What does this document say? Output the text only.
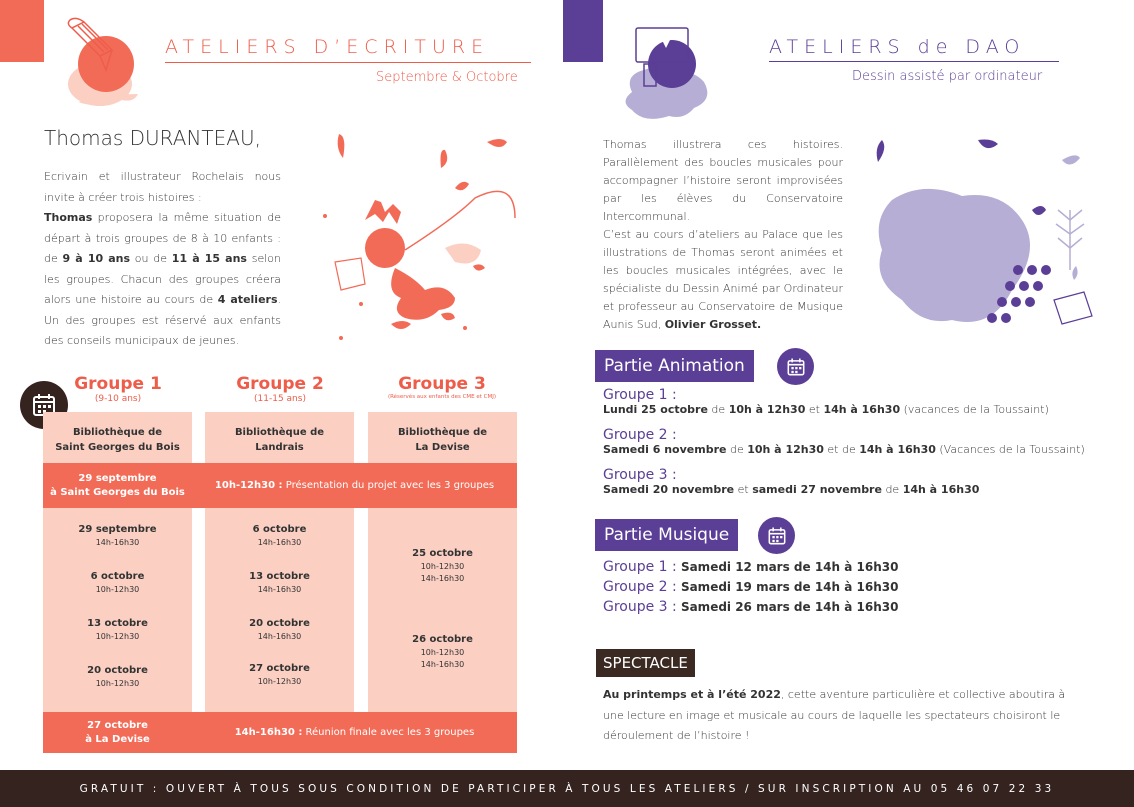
ATELIERS D’ECRITURE
Septembre & Octobre
ATELIERS de DAO
Dessin assisté par ordinateur
Thomas DURANTEAU,
Ecrivain et illustrateur Rochelais nous invite à créer trois histoires :
Thomas proposera la même situation de départ à trois groupes de 8 à 10 enfants : de 9 à 10 ans ou de 11 à 15 ans selon les groupes. Chacun des groupes créera alors une histoire au cours de 4 ateliers. Un des groupes est réservé aux enfants des conseils municipaux de jeunes.
Thomas illustrera ces histoires. Parallèlement des boucles musicales pour accompagner l’histoire seront improvisées par les élèves du Conservatoire Intercommunal.
C’est au cours d’ateliers au Palace que les illustrations de Thomas seront animées et les boucles musicales intégrées, avec le spécialiste du Dessin Animé par Ordinateur et professeur au Conservatoire de Musique Aunis Sud, Olivier Grosset.
Groupe 1
(9-10 ans)
Groupe 2
(11-15 ans)
Groupe 3
(Réservés aux enfants des CME et CMJ)
Bibliothèque de
Saint Georges du Bois
Bibliothèque de
Landrais
Bibliothèque de
La Devise
29 septembre
à Saint Georges du Bois
10h-12h30 : Présentation du projet avec les 3 groupes
29 septembre
14h-16h30
6 octobre
10h-12h30
13 octobre
10h-12h30
20 octobre
10h-12h30
6 octobre
14h-16h30
13 octobre
14h-16h30
20 octobre
14h-16h30
27 octobre
10h-12h30
25 octobre
10h-12h30
14h-16h30
26 octobre
10h-12h30
14h-16h30
27 octobre
à La Devise
14h-16h30 : Réunion finale avec les 3 groupes
Partie Animation
Groupe 1 :
Lundi 25 octobre de 10h à 12h30 et 14h à 16h30 (vacances de la Toussaint)
Groupe 2 :
Samedi 6 novembre de 10h à 12h30 et de 14h à 16h30 (Vacances de la Toussaint)
Groupe 3 :
Samedi 20 novembre et samedi 27 novembre de 14h à 16h30
Partie Musique
Groupe 1 : Samedi 12 mars de 14h à 16h30
Groupe 2 : Samedi 19 mars de 14h à 16h30
Groupe 3 : Samedi 26 mars de 14h à 16h30
SPECTACLE
Au printemps et à l’été 2022, cette aventure particulière et collective aboutira à une lecture en image et musicale au cours de laquelle les spectateurs choisiront le déroulement de l’histoire !
GRATUIT : OUVERT À TOUS SOUS CONDITION DE PARTICIPER À TOUS LES ATELIERS / SUR INSCRIPTION AU 05 46 07 22 33
